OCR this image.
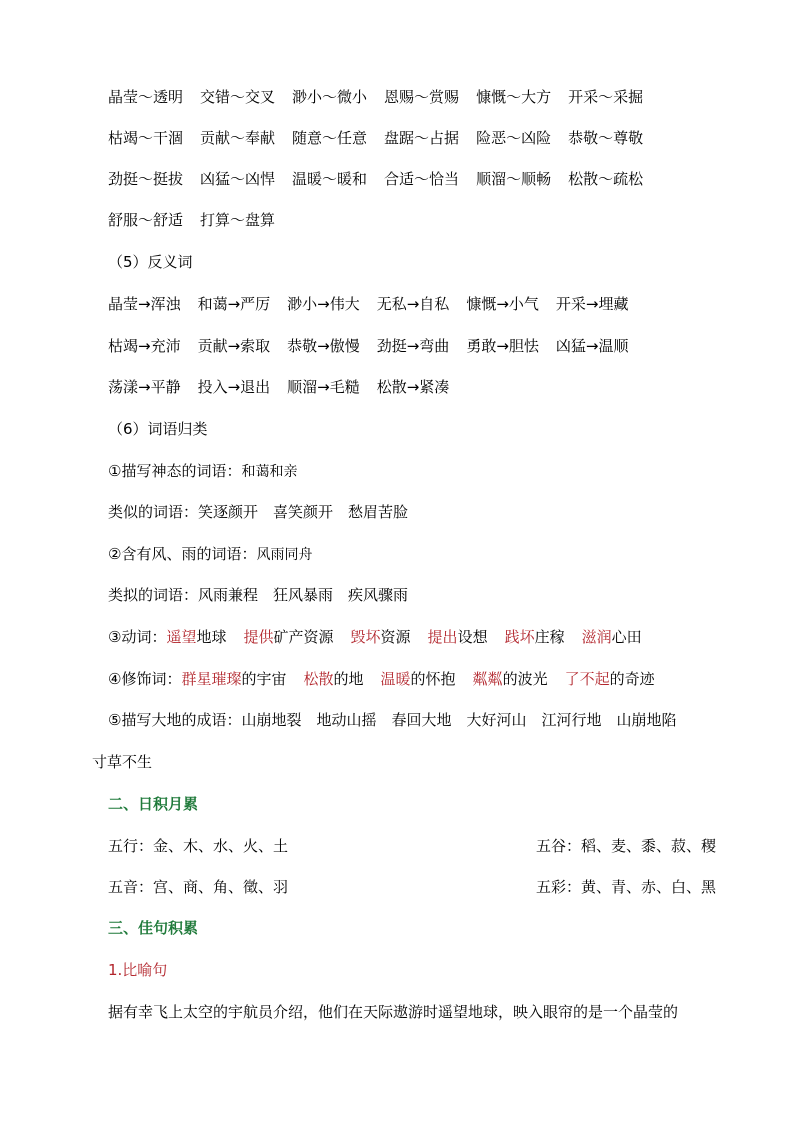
晶莹～透明 交错～交叉 渺小～微小 恩赐～赏赐 慷慨～大方 开采～采掘
枯竭～干涸 贡献～奉献 随意～任意 盘踞～占据 险恶～凶险 恭敬～尊敬
劲挺～挺拔 凶猛～凶悍 温暖～暖和 合适～恰当 顺溜～顺畅 松散～疏松
舒服～舒适 打算～盘算
（5）反义词
晶莹→浑浊 和蔼→严厉 渺小→伟大 无私→自私 慷慨→小气 开采→埋藏
枯竭→充沛 贡献→索取 恭敬→傲慢 劲挺→弯曲 勇敢→胆怯 凶猛→温顺
荡漾→平静 投入→退出 顺溜→毛糙 松散→紧凑
（6）词语归类
①描写神态的词语：和蔼和亲
类似的词语：笑逐颜开　喜笑颜开　愁眉苦脸
②含有风、雨的词语：风雨同舟
类拟的词语：风雨兼程　狂风暴雨　疾风骤雨
③动词：遥望地球 提供矿产资源 毁坏资源 提出设想 践坏庄稼 滋润心田
④修饰词：群星璀璨的宇宙 松散的地 温暖的怀抱 粼粼的波光 了不起的奇迹
⑤描写大地的成语：山崩地裂　地动山摇　春回大地　大好河山　江河行地　山崩地陷
寸草不生
二、日积月累
五行：金、木、水、火、土	五谷：稻、麦、黍、菽、稷
五音：宫、商、角、徵、羽	五彩：黄、青、赤、白、黑
三、佳句积累
1.比喻句
据有幸飞上太空的宇航员介绍，他们在天际遨游时遥望地球，映入眼帘的是一个晶莹的
